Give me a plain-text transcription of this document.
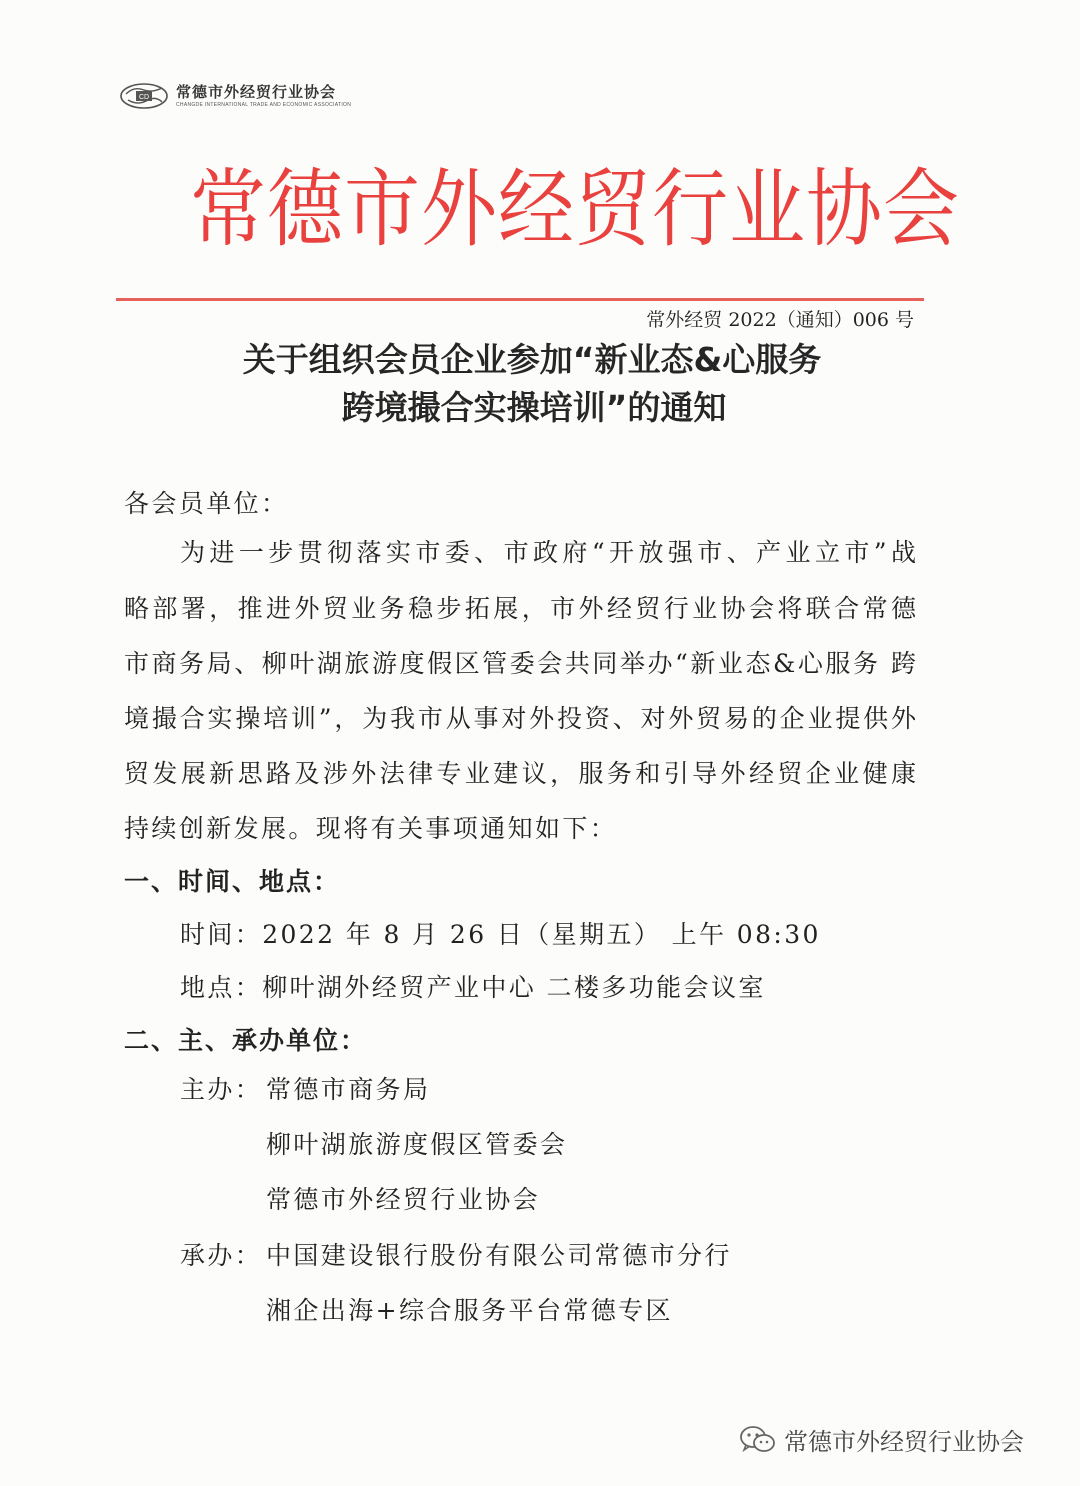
CD 常德市外经贸行业协会
CHANGDE INTERNATIONAL TRADE AND ECONOMIC ASSOCIATION
常德市外经贸行业协会
常外经贸 2022（通知）006 号
关于组织会员企业参加“新业态&心服务
跨境撮合实操培训”的通知
各会员单位：
为进一步贯彻落实市委、市政府“开放强市、产业立市”战
略部署，推进外贸业务稳步拓展，市外经贸行业协会将联合常德
市商务局、柳叶湖旅游度假区管委会共同举办“新业态&心服务 跨
境撮合实操培训”，为我市从事对外投资、对外贸易的企业提供外
贸发展新思路及涉外法律专业建议，服务和引导外经贸企业健康
持续创新发展。现将有关事项通知如下：
一、时间、地点：
时间：2022 年 8 月 26 日（星期五） 上午 08:30
地点：柳叶湖外经贸产业中心 二楼多功能会议室
二、主、承办单位：
主办： 常德市商务局
柳叶湖旅游度假区管委会
常德市外经贸行业协会
承办： 中国建设银行股份有限公司常德市分行
湘企出海+综合服务平台常德专区
常德市外经贸行业协会
